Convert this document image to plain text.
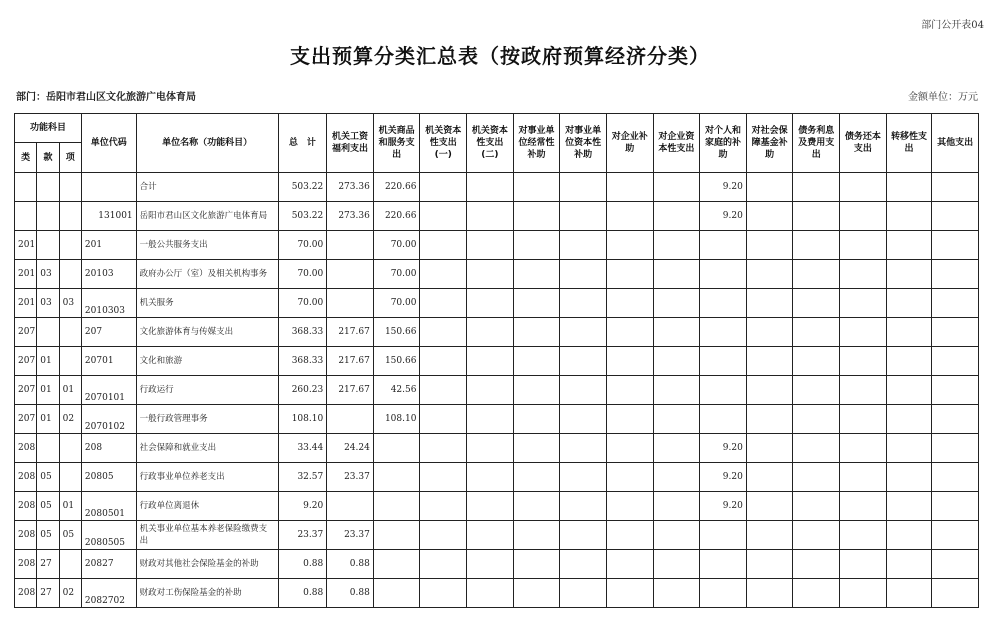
部门公开表04
支出预算分类汇总表（按政府预算经济分类）
部门：岳阳市君山区文化旅游广电体育局	金额单位：万元
功能科目			单位代码	单位名称（功能科目）	总　计	机关工资福利支出	机关商品和服务支出	机关资本性支出(一)	机关资本性支出(二)	对事业单位经常性补助	对事业单位资本性补助	对企业补助	对企业资本性支出	对个人和家庭的补助	对社会保障基金补助	债务利息及费用支出	债务还本支出	转移性支出	其他支出
类	款	项																	
				合计	503.22	273.36	220.66							9.20					
			131001	岳阳市君山区文化旅游广电体育局	503.22	273.36	220.66							9.20					
201			201	一般公共服务支出	70.00		70.00												
201	03		20103	政府办公厅（室）及相关机构事务	70.00		70.00												
201	03	03	2010303	机关服务	70.00		70.00												
207			207	文化旅游体育与传媒支出	368.33	217.67	150.66												
207	01		20701	文化和旅游	368.33	217.67	150.66												
207	01	01	2070101	行政运行	260.23	217.67	42.56												
207	01	02	2070102	一般行政管理事务	108.10		108.10												
208			208	社会保障和就业支出	33.44	24.24								9.20					
208	05		20805	行政事业单位养老支出	32.57	23.37								9.20					
208	05	01	2080501	行政单位离退休	9.20									9.20					
208	05	05	2080505	机关事业单位基本养老保险缴费支出	23.37	23.37													
208	27		20827	财政对其他社会保险基金的补助	0.88	0.88													
208	27	02	2082702	财政对工伤保险基金的补助	0.88	0.88													
